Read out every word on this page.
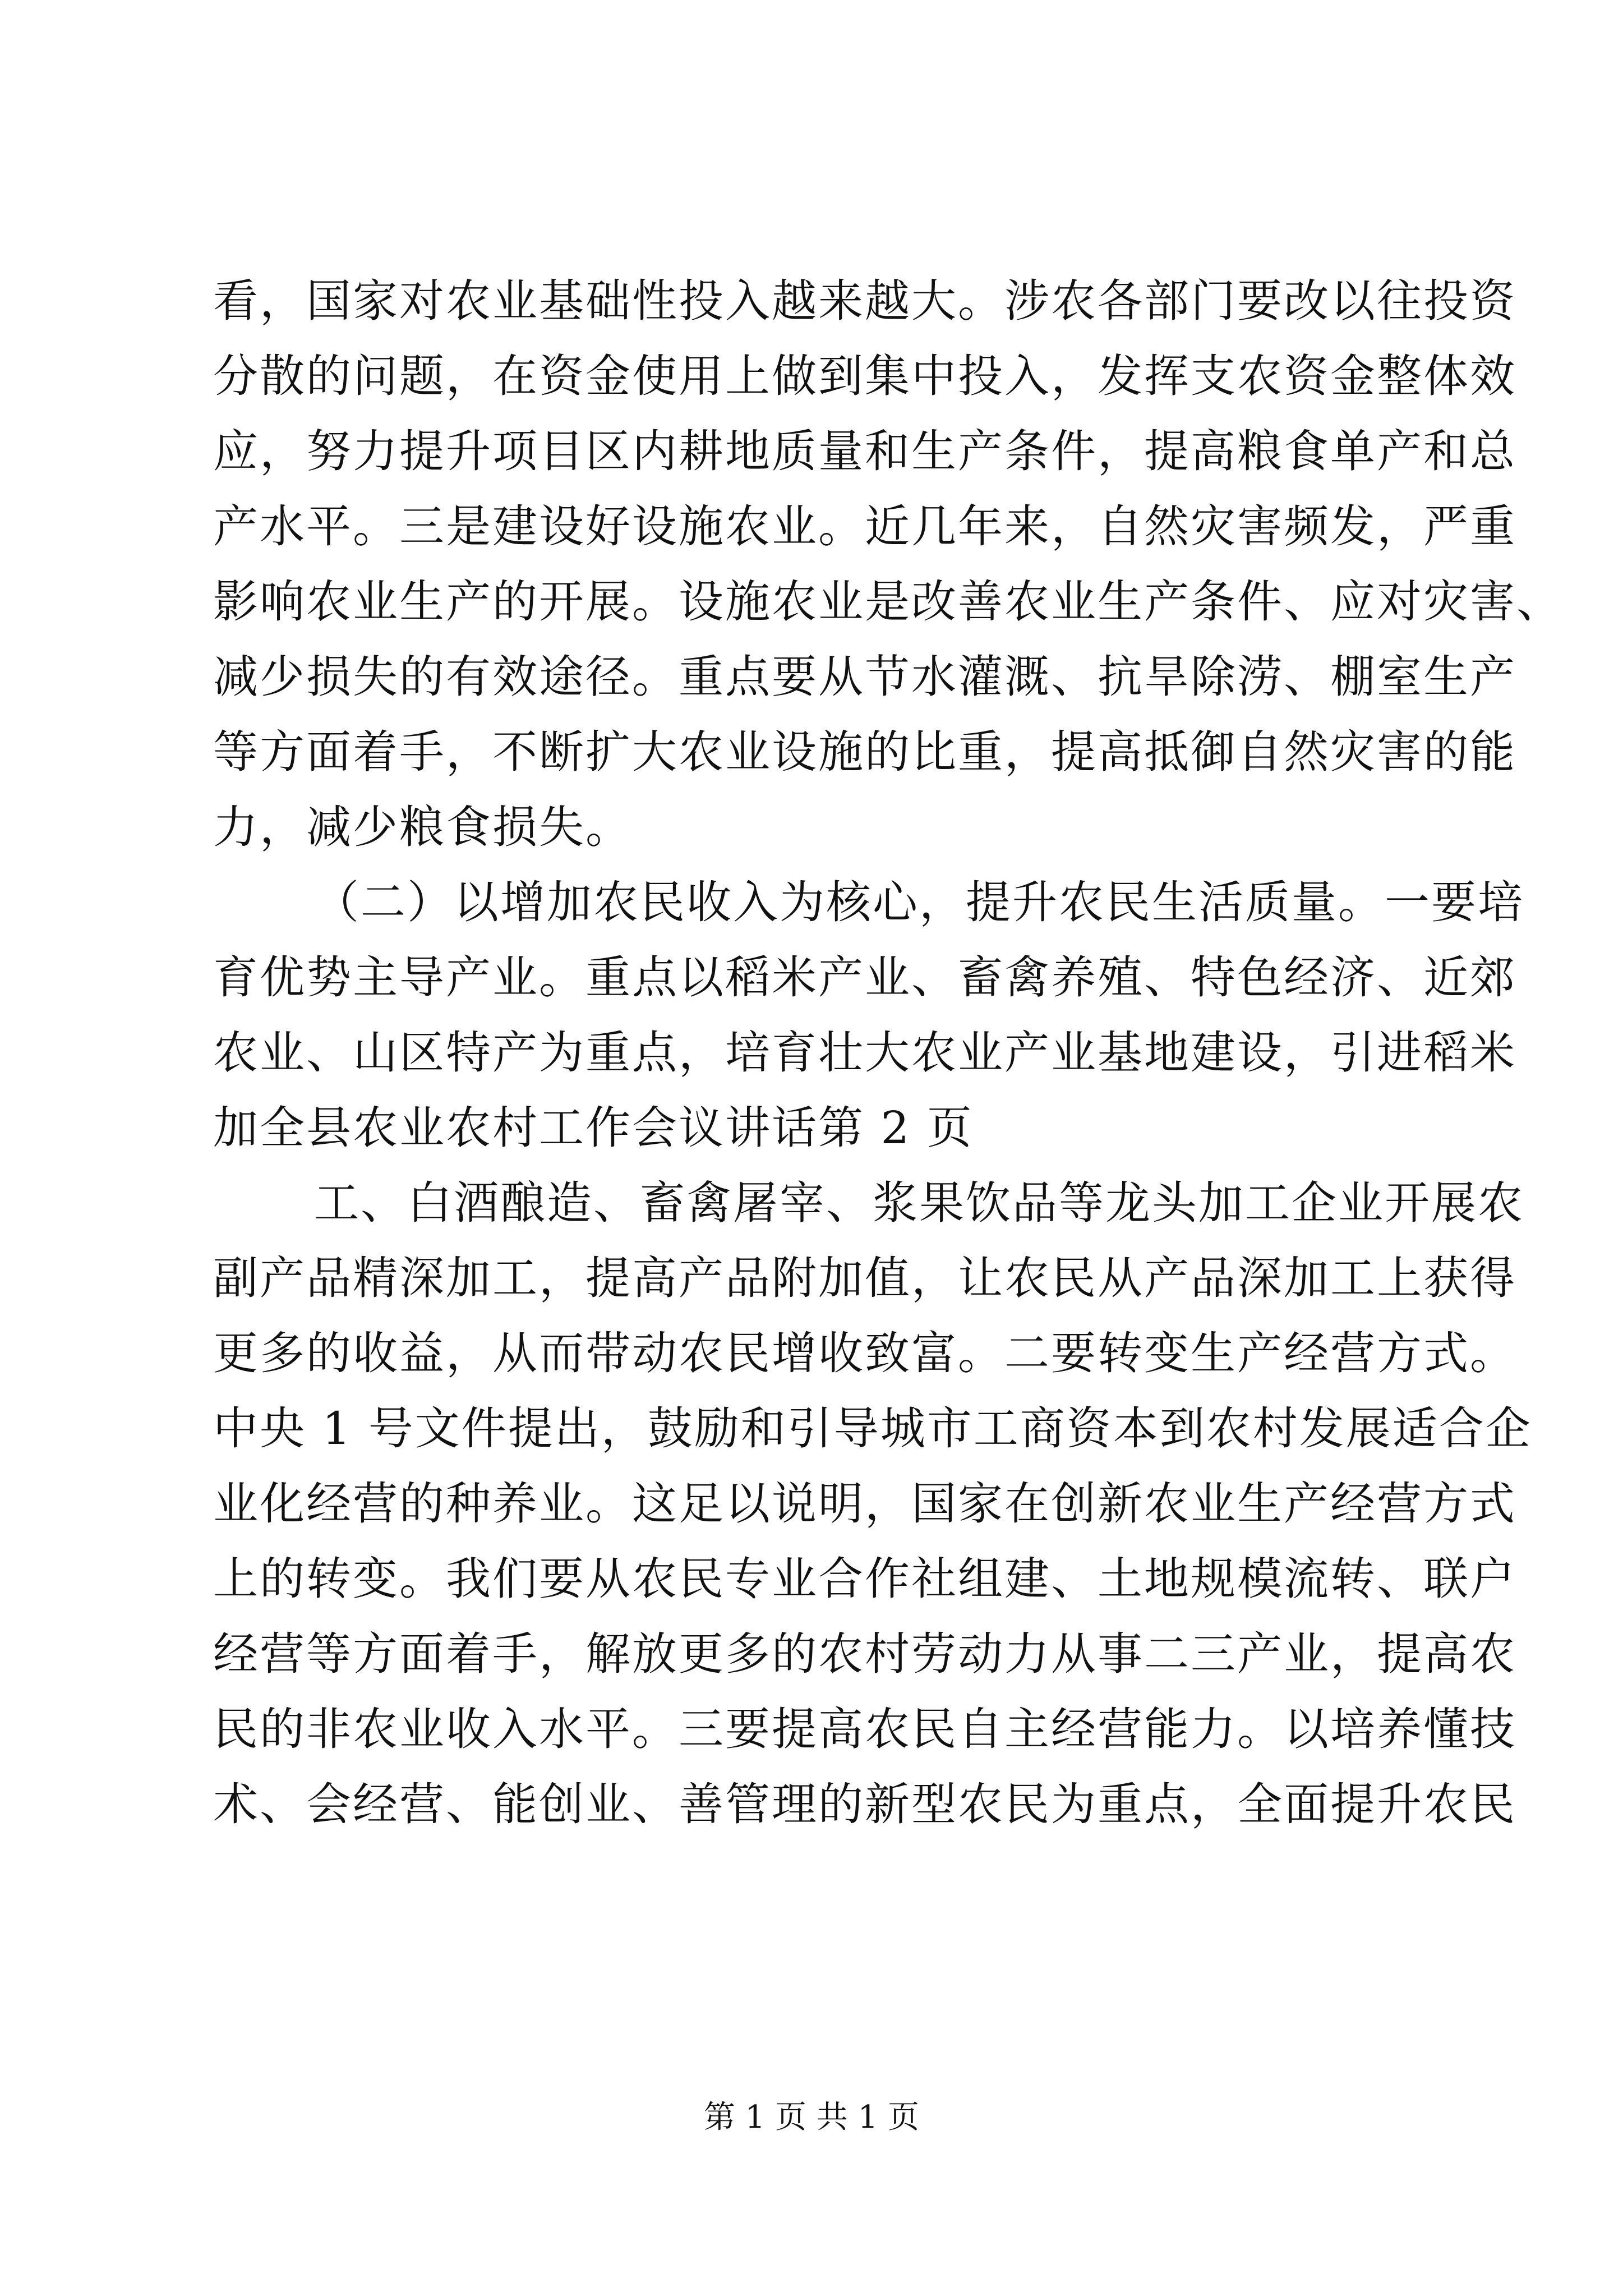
看，国家对农业基础性投入越来越大。涉农各部门要改以往投资
分散的问题，在资金使用上做到集中投入，发挥支农资金整体效
应，努力提升项目区内耕地质量和生产条件，提高粮食单产和总
产水平。三是建设好设施农业。近几年来，自然灾害频发，严重
影响农业生产的开展。设施农业是改善农业生产条件、应对灾害、
减少损失的有效途径。重点要从节水灌溉、抗旱除涝、棚室生产
等方面着手，不断扩大农业设施的比重，提高抵御自然灾害的能
力，减少粮食损失。
（二）以增加农民收入为核心，提升农民生活质量。一要培
育优势主导产业。重点以稻米产业、畜禽养殖、特色经济、近郊
农业、山区特产为重点，培育壮大农业产业基地建设，引进稻米
加全县农业农村工作会议讲话第 2 页
工、白酒酿造、畜禽屠宰、浆果饮品等龙头加工企业开展农
副产品精深加工，提高产品附加值，让农民从产品深加工上获得
更多的收益，从而带动农民增收致富。二要转变生产经营方式。
中央 1 号文件提出，鼓励和引导城市工商资本到农村发展适合企
业化经营的种养业。这足以说明，国家在创新农业生产经营方式
上的转变。我们要从农民专业合作社组建、土地规模流转、联户
经营等方面着手，解放更多的农村劳动力从事二三产业，提高农
民的非农业收入水平。三要提高农民自主经营能力。以培养懂技
术、会经营、能创业、善管理的新型农民为重点，全面提升农民
第 1 页 共 1 页
